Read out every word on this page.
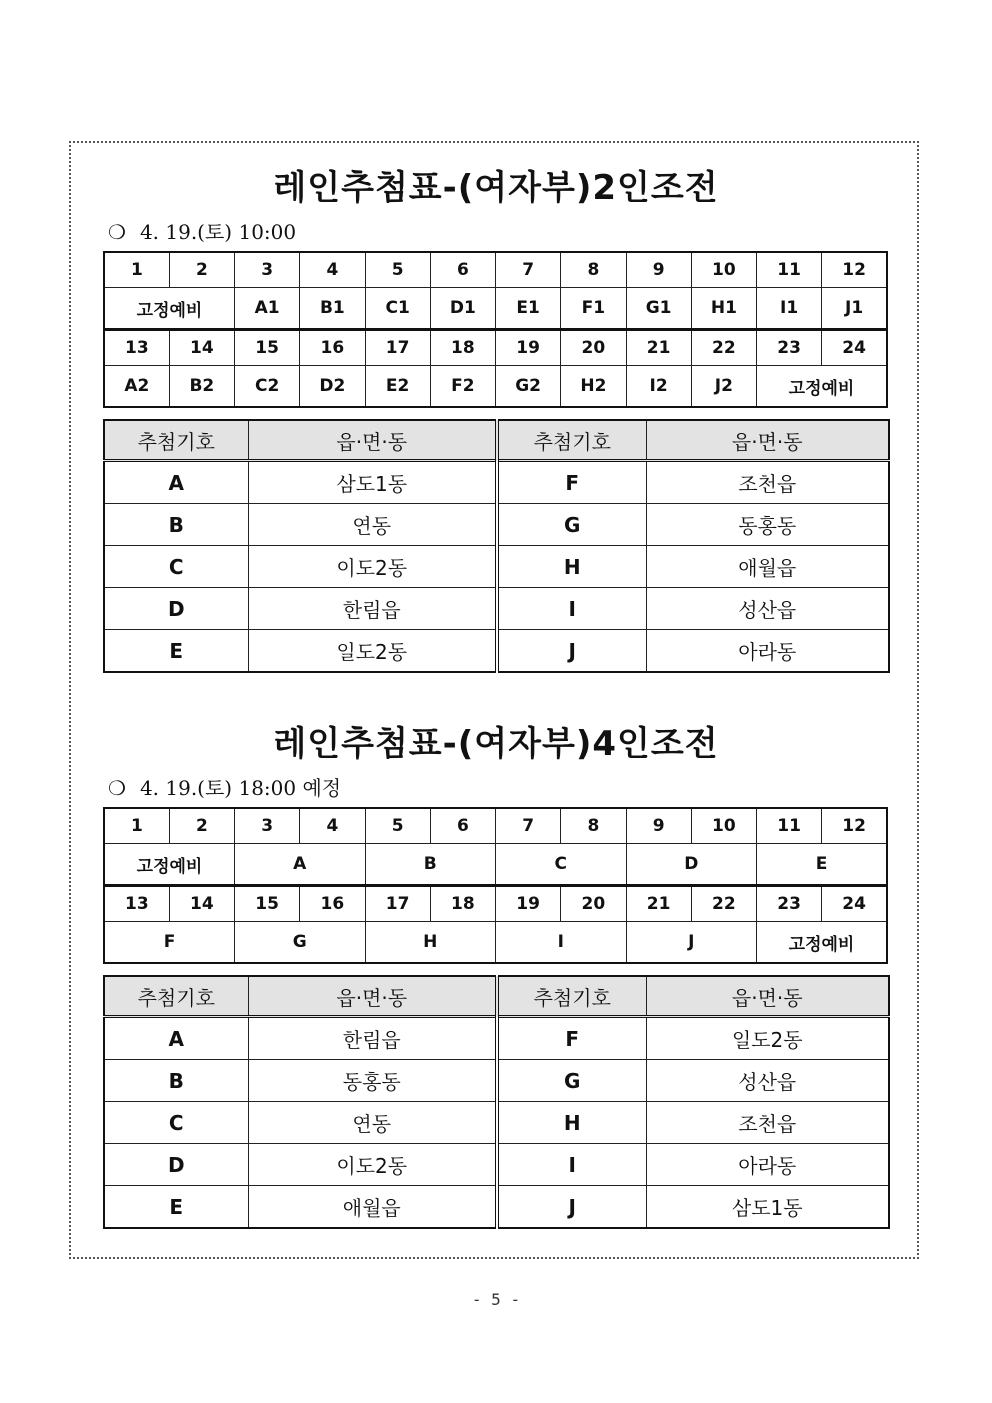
레인추첨표-(여자부)2인조전
❍ 4. 19.(토) 10:00
1	2	3	4	5	6	7	8	9	10	11	12
고정예비		A1	B1	C1	D1	E1	F1	G1	H1	I1	J1
13	14	15	16	17	18	19	20	21	22	23	24
A2	B2	C2	D2	E2	F2	G2	H2	I2	J2	고정예비	
추첨기호	읍·면·동	추첨기호	읍·면·동
A	삼도1동	F	조천읍
B	연동	G	동홍동
C	이도2동	H	애월읍
D	한림읍	I	성산읍
E	일도2동	J	아라동
레인추첨표-(여자부)4인조전
❍ 4. 19.(토) 18:00 예정
1	2	3	4	5	6	7	8	9	10	11	12
고정예비		A		B		C		D		E	
13	14	15	16	17	18	19	20	21	22	23	24
F		G		H		I		J		고정예비	
추첨기호	읍·면·동	추첨기호	읍·면·동
A	한림읍	F	일도2동
B	동홍동	G	성산읍
C	연동	H	조천읍
D	이도2동	I	아라동
E	애월읍	J	삼도1동
- 5 -
